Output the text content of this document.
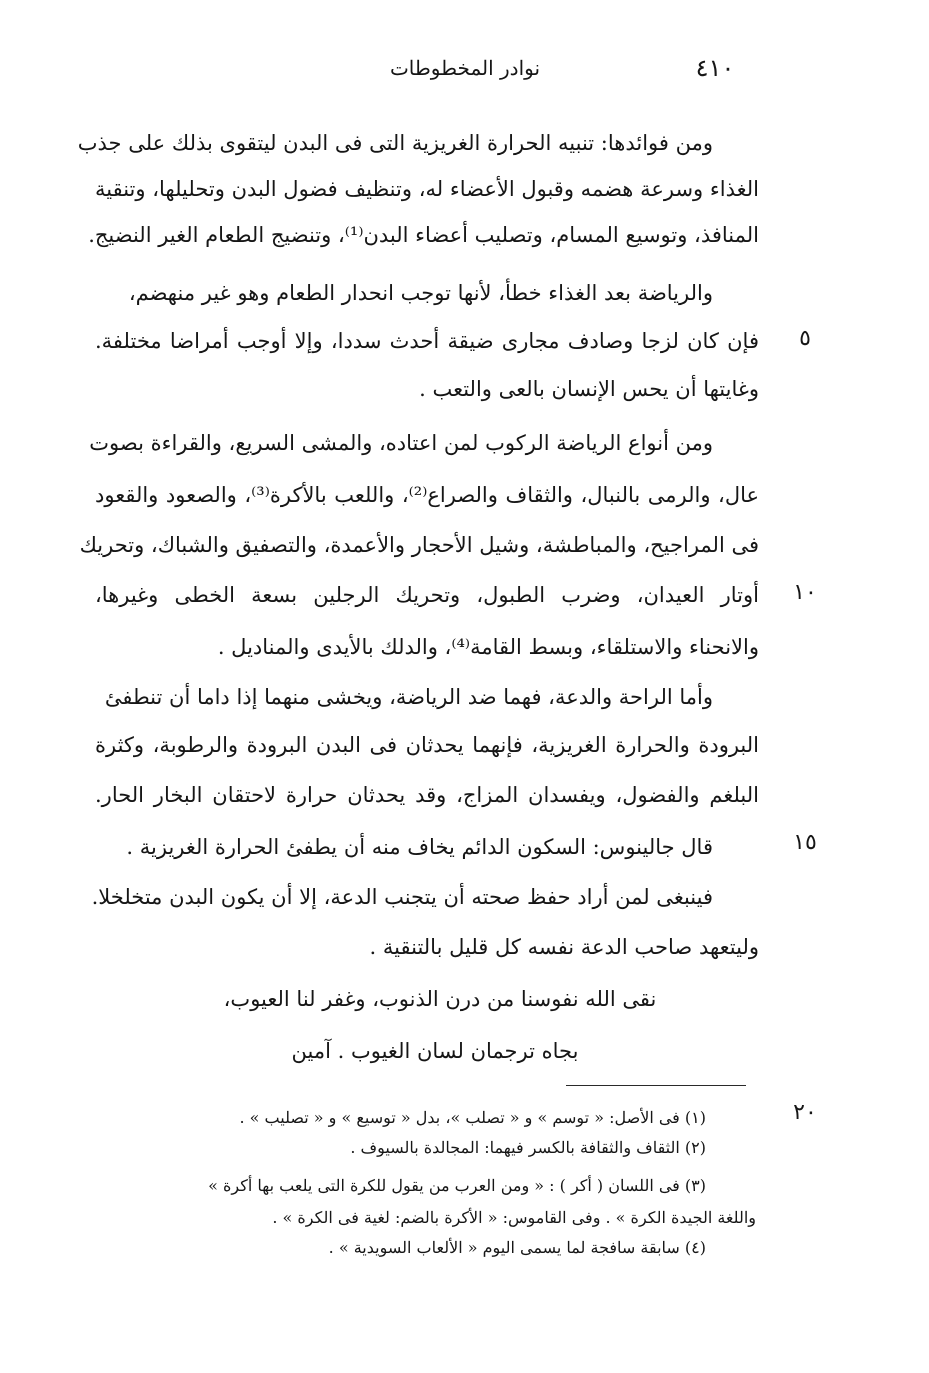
٤١٠
نوادر المخطوطات
٥
١٠
١٥
٢٠
ومن فوائدها: تنبيه الحرارة الغريزية التى فى البدن ليتقوى بذلك على جذب
الغذاء وسرعة هضمه وقبول الأعضاء له، وتنظيف فضول البدن وتحليلها، وتنقية
المنافذ، وتوسيع المسام، وتصليب أعضاء البدن⁽¹⁾، وتنضيج الطعام الغير النضيج.
والرياضة بعد الغذاء خطأ، لأنها توجب انحدار الطعام وهو غير منهضم،
فإن كان لزجا وصادف مجارى ضيقة أحدث سددا، وإلا أوجب أمراضا مختلفة.
وغايتها أن يحس الإنسان بالعى والتعب .
ومن أنواع الرياضة الركوب لمن اعتاده، والمشى السريع، والقراءة بصوت
عال، والرمى بالنبال، والثقاف والصراع⁽²⁾، واللعب بالأكرة⁽³⁾، والصعود والقعود
فى المراجيح، والمباطشة، وشيل الأحجار والأعمدة، والتصفيق والشباك، وتحريك
أوتار العيدان، وضرب الطبول، وتحريك الرجلين بسعة الخطى وغيرها،
والانحناء والاستلقاء، وبسط القامة⁽⁴⁾، والدلك بالأيدى والمناديل .
وأما الراحة والدعة، فهما ضد الرياضة، ويخشى منهما إذا داما أن تنطفئ
البرودة والحرارة الغريزية، فإنهما يحدثان فى البدن البرودة والرطوبة، وكثرة
البلغم والفضول، ويفسدان المزاج، وقد يحدثان حرارة لاحتقان البخار الحار.
قال جالينوس: السكون الدائم يخاف منه أن يطفئ الحرارة الغريزية .
فينبغى لمن أراد حفظ صحته أن يتجنب الدعة، إلا أن يكون البدن متخلخلا.
وليتعهد صاحب الدعة نفسه كل قليل بالتنقية .
نقى الله نفوسنا من درن الذنوب، وغفر لنا العيوب،
بجاه ترجمان لسان الغيوب . آمين
(١) فى الأصل: « توسم » و « تصلب »، بدل « توسيع » و « تصليب » .
(٢) الثقاف والثقافة بالكسر فيهما: المجالدة بالسيوف .
(٣) فى اللسان ( أكر ) : « ومن العرب من يقول للكرة التى يلعب بها أكرة »
واللغة الجيدة الكرة » . وفى القاموس: « الأكرة بالضم: لغية فى الكرة » .
(٤) سابقة سافجة لما يسمى اليوم « الألعاب السويدية » .
